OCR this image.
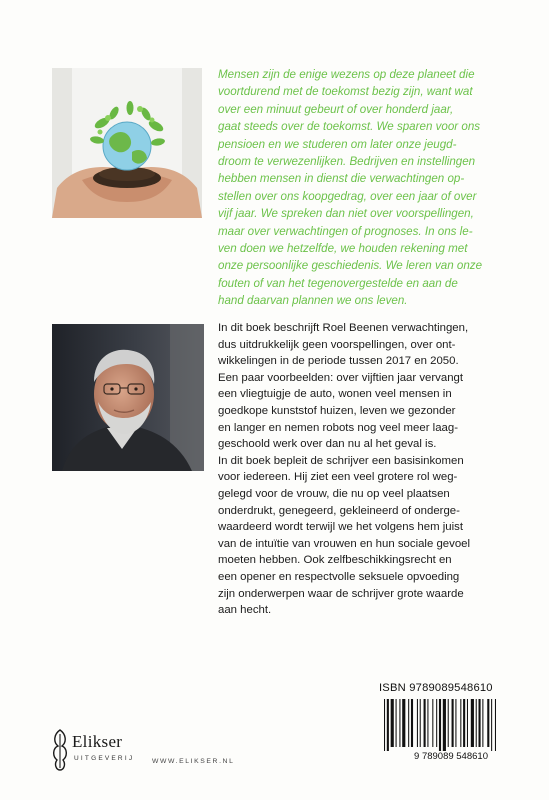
Mensen zijn de enige wezens op deze planeet die

voortdurend met de toekomst bezig zijn, want wat

over een minuut gebeurt of over honderd jaar,

gaat steeds over de toekomst. We sparen voor ons

pensioen en we studeren om later onze jeugd-

droom te verwezenlijken. Bedrijven en instellingen

hebben mensen in dienst die verwachtingen op-

stellen over ons koopgedrag, over een jaar of over

vijf jaar. We spreken dan niet over voorspellingen,

maar over verwachtingen of prognoses. In ons le-

ven doen we hetzelfde, we houden rekening met

onze persoonlijke geschiedenis. We leren van onze

fouten of van het tegenovergestelde en aan de

hand daarvan plannen we ons leven.

In dit boek beschrijft Roel Beenen verwachtingen,

dus uitdrukkelijk geen voorspellingen, over ont-

wikkelingen in de periode tussen 2017 en 2050.

Een paar voorbeelden: over vijftien jaar vervangt

een vliegtuigje de auto, wonen veel mensen in

goedkope kunststof huizen, leven we gezonder

en langer en nemen robots nog veel meer laag-

geschoold werk over dan nu al het geval is.

In dit boek bepleit de schrijver een basisinkomen

voor iedereen. Hij ziet een veel grotere rol weg-

gelegd voor de vrouw, die nu op veel plaatsen

onderdrukt, genegeerd, gekleineerd of onderge-

waardeerd wordt terwijl we het volgens hem juist

van de intuïtie van vrouwen en hun sociale gevoel

moeten hebben. Ook zelfbeschikkingsrecht en

een opener en respectvolle seksuele opvoeding

zijn onderwerpen waar de schrijver grote waarde

aan hecht.

ISBN 9789089548610
9 789089 548610
Elikser
UITGEVERIJ	WWW.ELIKSER.NL
